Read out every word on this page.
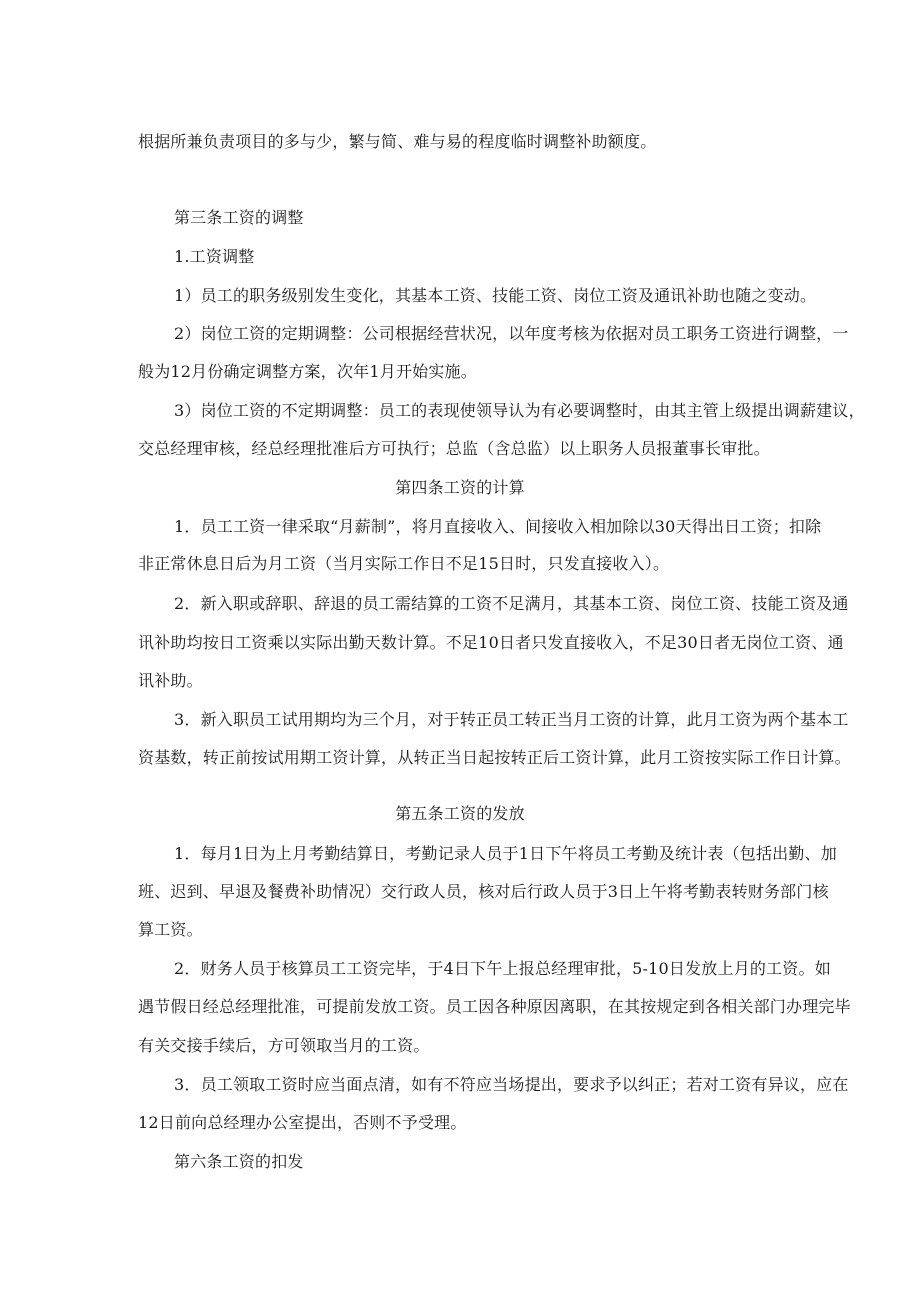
根据所兼负责项目的多与少，繁与简、难与易的程度临时调整补助额度。
第三条工资的调整
1.工资调整
1）员工的职务级别发生变化，其基本工资、技能工资、岗位工资及通讯补助也随之变动。
2）岗位工资的定期调整：公司根据经营状况，以年度考核为依据对员工职务工资进行调整，一
般为12月份确定调整方案，次年1月开始实施。
3）岗位工资的不定期调整：员工的表现使领导认为有必要调整时，由其主管上级提出调薪建议，
交总经理审核，经总经理批准后方可执行；总监（含总监）以上职务人员报董事长审批。
第四条工资的计算
1．员工工资一律采取“月薪制”，将月直接收入、间接收入相加除以30天得出日工资；扣除
非正常休息日后为月工资（当月实际工作日不足15日时，只发直接收入）。
2．新入职或辞职、辞退的员工需结算的工资不足满月，其基本工资、岗位工资、技能工资及通
讯补助均按日工资乘以实际出勤天数计算。不足10日者只发直接收入，不足30日者无岗位工资、通
讯补助。
3．新入职员工试用期均为三个月，对于转正员工转正当月工资的计算，此月工资为两个基本工
资基数，转正前按试用期工资计算，从转正当日起按转正后工资计算，此月工资按实际工作日计算。
第五条工资的发放
1．每月1日为上月考勤结算日，考勤记录人员于1日下午将员工考勤及统计表（包括出勤、加
班、迟到、早退及餐费补助情况）交行政人员，核对后行政人员于3日上午将考勤表转财务部门核
算工资。
2．财务人员于核算员工工资完毕，于4日下午上报总经理审批，5-10日发放上月的工资。如
遇节假日经总经理批准，可提前发放工资。员工因各种原因离职，在其按规定到各相关部门办理完毕
有关交接手续后，方可领取当月的工资。
3．员工领取工资时应当面点清，如有不符应当场提出，要求予以纠正；若对工资有异议，应在
12日前向总经理办公室提出，否则不予受理。
第六条工资的扣发
